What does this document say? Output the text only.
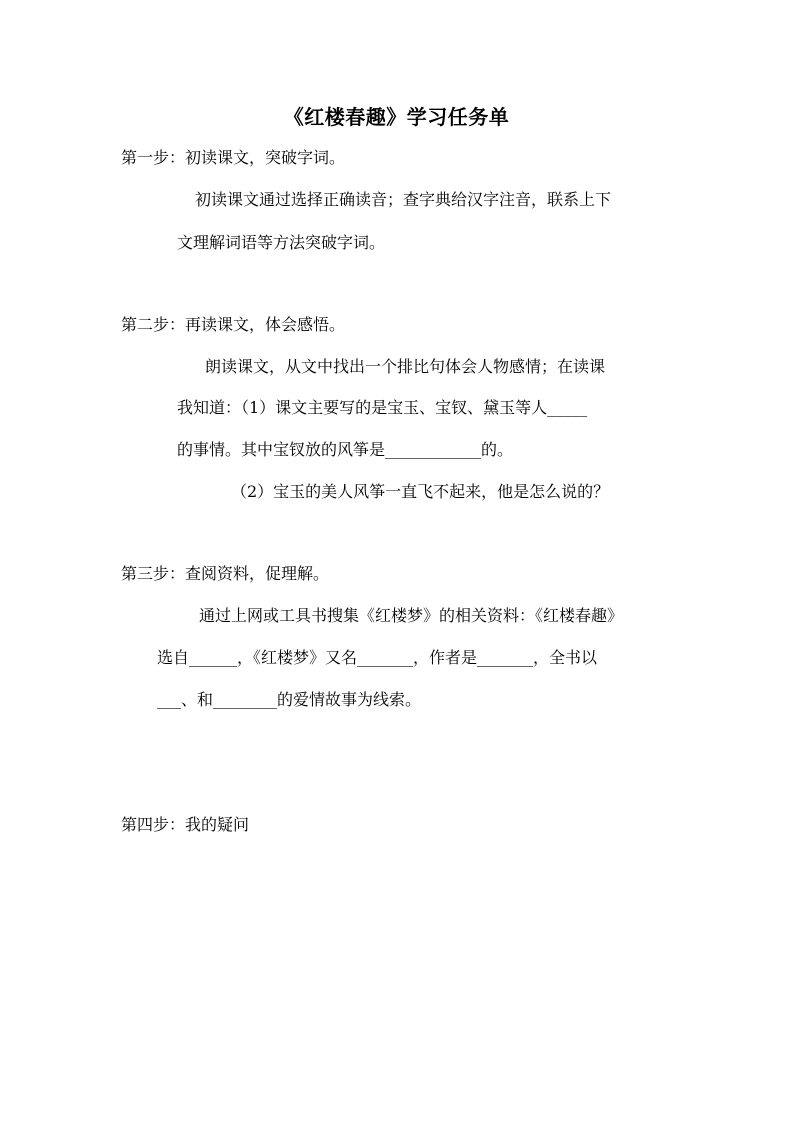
《红楼春趣》学习任务单
第一步：初读课文，突破字词。
初读课文通过选择正确读音；查字典给汉字注音，联系上下
文理解词语等方法突破字词。
第二步：再读课文，体会感悟。
朗读课文，从文中找出一个排比句体会人物感情；在读课
我知道：（1）课文主要写的是宝玉、宝钗、黛玉等人_____
的事情。其中宝钗放的风筝是____________的。
（2）宝玉的美人风筝一直飞不起来，他是怎么说的？
第三步：查阅资料，促理解。
通过上网或工具书搜集《红楼梦》的相关资料：《红楼春趣》
选自______，《红楼梦》又名_______，作者是_______，全书以
___、和________的爱情故事为线索。
第四步：我的疑问
